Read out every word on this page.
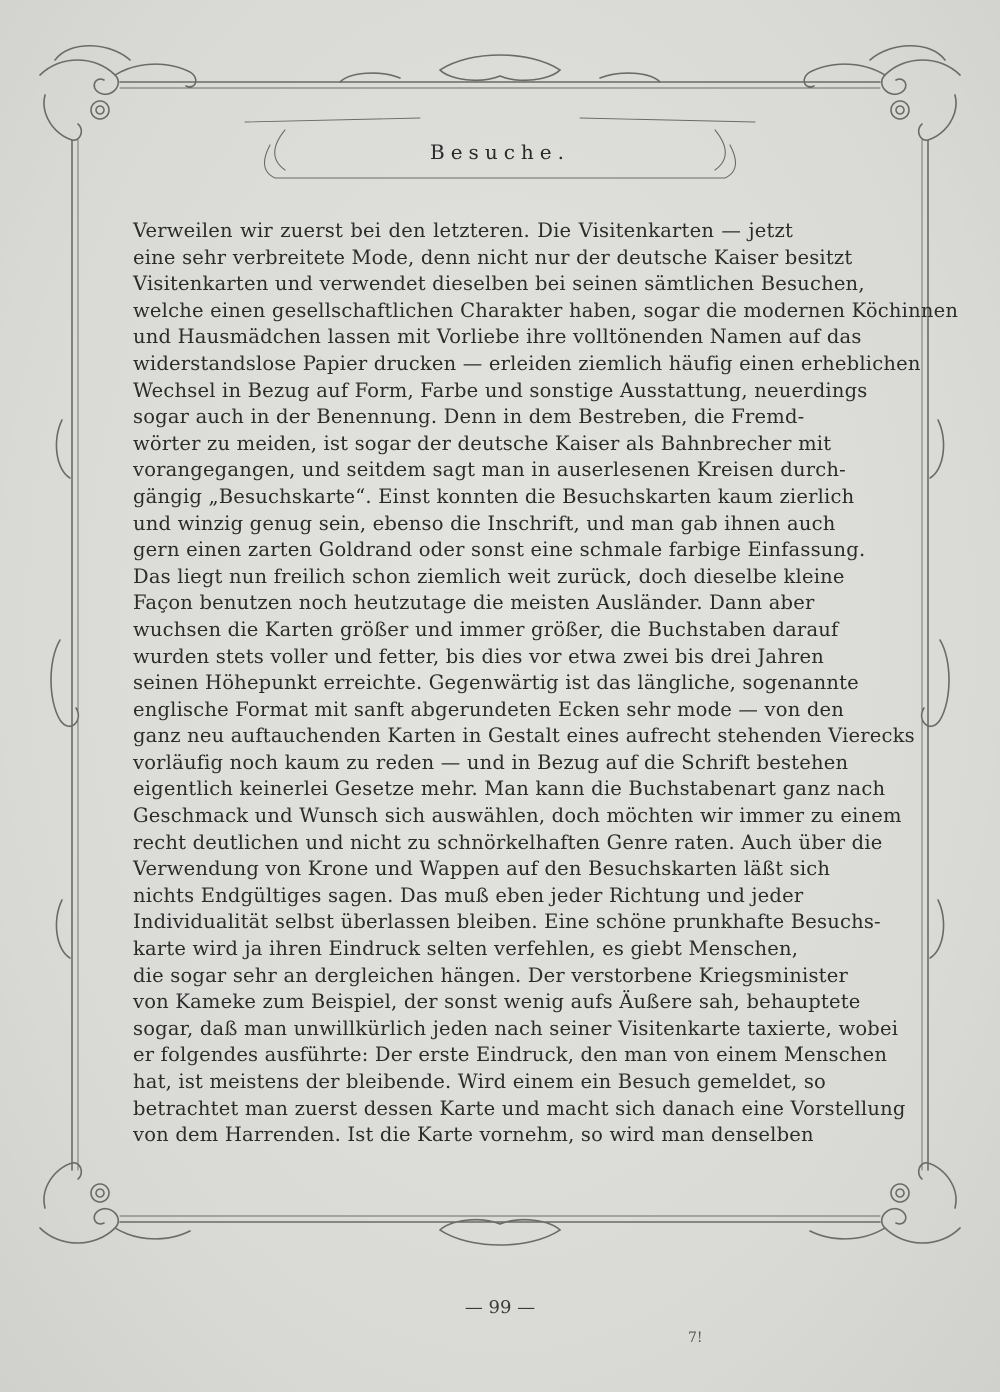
Besuche.
Verweilen wir zuerst bei den letzteren. Die Visitenkarten — jetzt
eine sehr verbreitete Mode, denn nicht nur der deutsche Kaiser besitzt
Visitenkarten und verwendet dieselben bei seinen sämtlichen Besuchen,
welche einen gesellschaftlichen Charakter haben, sogar die modernen Köchinnen
und Hausmädchen lassen mit Vorliebe ihre volltönenden Namen auf das
widerstandslose Papier drucken — erleiden ziemlich häufig einen erheblichen
Wechsel in Bezug auf Form, Farbe und sonstige Ausstattung, neuerdings
sogar auch in der Benennung. Denn in dem Bestreben, die Fremd-
wörter zu meiden, ist sogar der deutsche Kaiser als Bahnbrecher mit
vorangegangen, und seitdem sagt man in auserlesenen Kreisen durch-
gängig „Besuchskarte“. Einst konnten die Besuchskarten kaum zierlich
und winzig genug sein, ebenso die Inschrift, und man gab ihnen auch
gern einen zarten Goldrand oder sonst eine schmale farbige Einfassung.
Das liegt nun freilich schon ziemlich weit zurück, doch dieselbe kleine
Façon benutzen noch heutzutage die meisten Ausländer. Dann aber
wuchsen die Karten größer und immer größer, die Buchstaben darauf
wurden stets voller und fetter, bis dies vor etwa zwei bis drei Jahren
seinen Höhepunkt erreichte. Gegenwärtig ist das längliche, sogenannte
englische Format mit sanft abgerundeten Ecken sehr mode — von den
ganz neu auftauchenden Karten in Gestalt eines aufrecht stehenden Vierecks
vorläufig noch kaum zu reden — und in Bezug auf die Schrift bestehen
eigentlich keinerlei Gesetze mehr. Man kann die Buchstabenart ganz nach
Geschmack und Wunsch sich auswählen, doch möchten wir immer zu einem
recht deutlichen und nicht zu schnörkelhaften Genre raten. Auch über die
Verwendung von Krone und Wappen auf den Besuchskarten läßt sich
nichts Endgültiges sagen. Das muß eben jeder Richtung und jeder
Individualität selbst überlassen bleiben. Eine schöne prunkhafte Besuchs-
karte wird ja ihren Eindruck selten verfehlen, es giebt Menschen,
die sogar sehr an dergleichen hängen. Der verstorbene Kriegsminister
von Kameke zum Beispiel, der sonst wenig aufs Äußere sah, behauptete
sogar, daß man unwillkürlich jeden nach seiner Visitenkarte taxierte, wobei
er folgendes ausführte: Der erste Eindruck, den man von einem Menschen
hat, ist meistens der bleibende. Wird einem ein Besuch gemeldet, so
betrachtet man zuerst dessen Karte und macht sich danach eine Vorstellung
von dem Harrenden. Ist die Karte vornehm, so wird man denselben
— 99 —
7!
